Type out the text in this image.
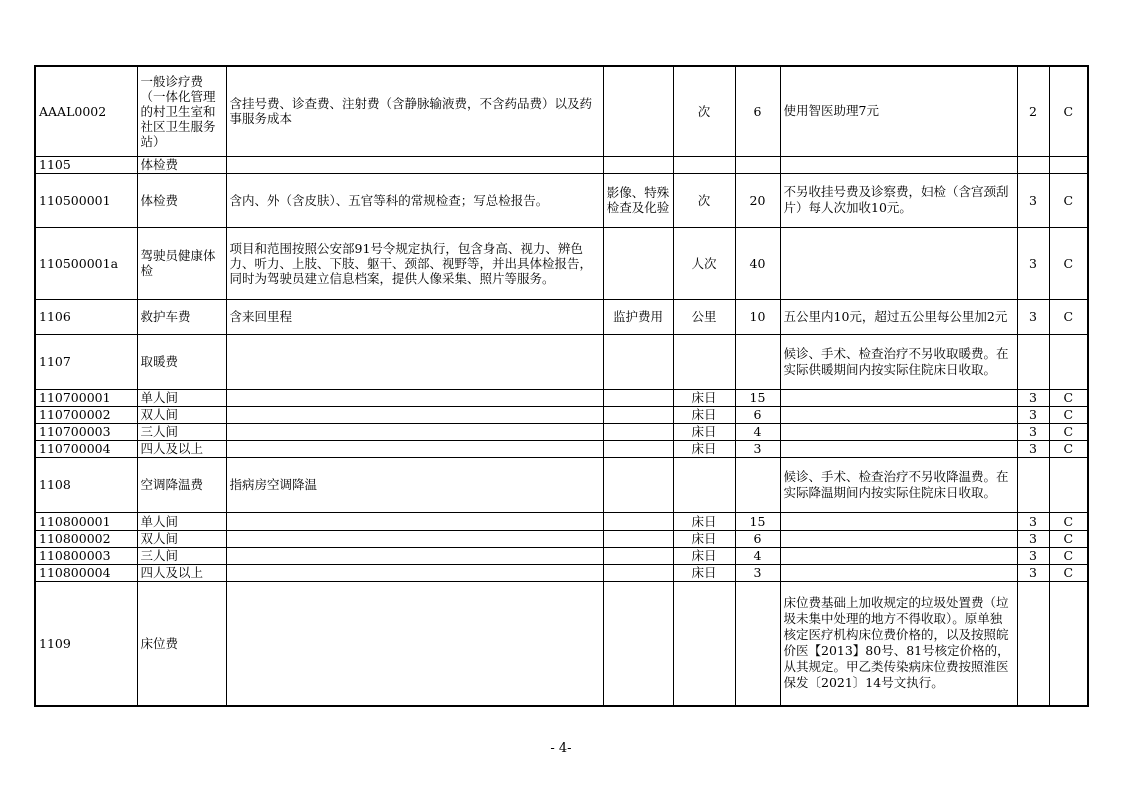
AAAL0002	一般诊疗费（一体化管理的村卫生室和社区卫生服务站）	含挂号费、诊查费、注射费（含静脉输液费，不含药品费）以及药事服务成本		次	6	使用智医助理7元	2	C
1105	体检费							
110500001	体检费	含内、外（含皮肤）、五官等科的常规检查；写总检报告。	影像、特殊检查及化验	次	20	不另收挂号费及诊察费，妇检（含宫颈刮片）每人次加收10元。	3	C
110500001a	驾驶员健康体检	项目和范围按照公安部91号令规定执行，包含身高、视力、辨色力、听力、上肢、下肢、躯干、颈部、视野等，并出具体检报告，同时为驾驶员建立信息档案，提供人像采集、照片等服务。		人次	40		3	C
1106	救护车费	含来回里程	监护费用	公里	10	五公里内10元，超过五公里每公里加2元	3	C
1107	取暖费					候诊、手术、检查治疗不另收取暖费。在实际供暖期间内按实际住院床日收取。		
110700001	单人间			床日	15		3	C
110700002	双人间			床日	6		3	C
110700003	三人间			床日	4		3	C
110700004	四人及以上			床日	3		3	C
1108	空调降温费	指病房空调降温				候诊、手术、检查治疗不另收降温费。在实际降温期间内按实际住院床日收取。		
110800001	单人间			床日	15		3	C
110800002	双人间			床日	6		3	C
110800003	三人间			床日	4		3	C
110800004	四人及以上			床日	3		3	C
1109	床位费					床位费基础上加收规定的垃圾处置费（垃圾未集中处理的地方不得收取）。原单独核定医疗机构床位费价格的，以及按照皖价医【2013】80号、81号核定价格的，从其规定。甲乙类传染病床位费按照淮医保发〔2021〕14号文执行。		
- 4-
